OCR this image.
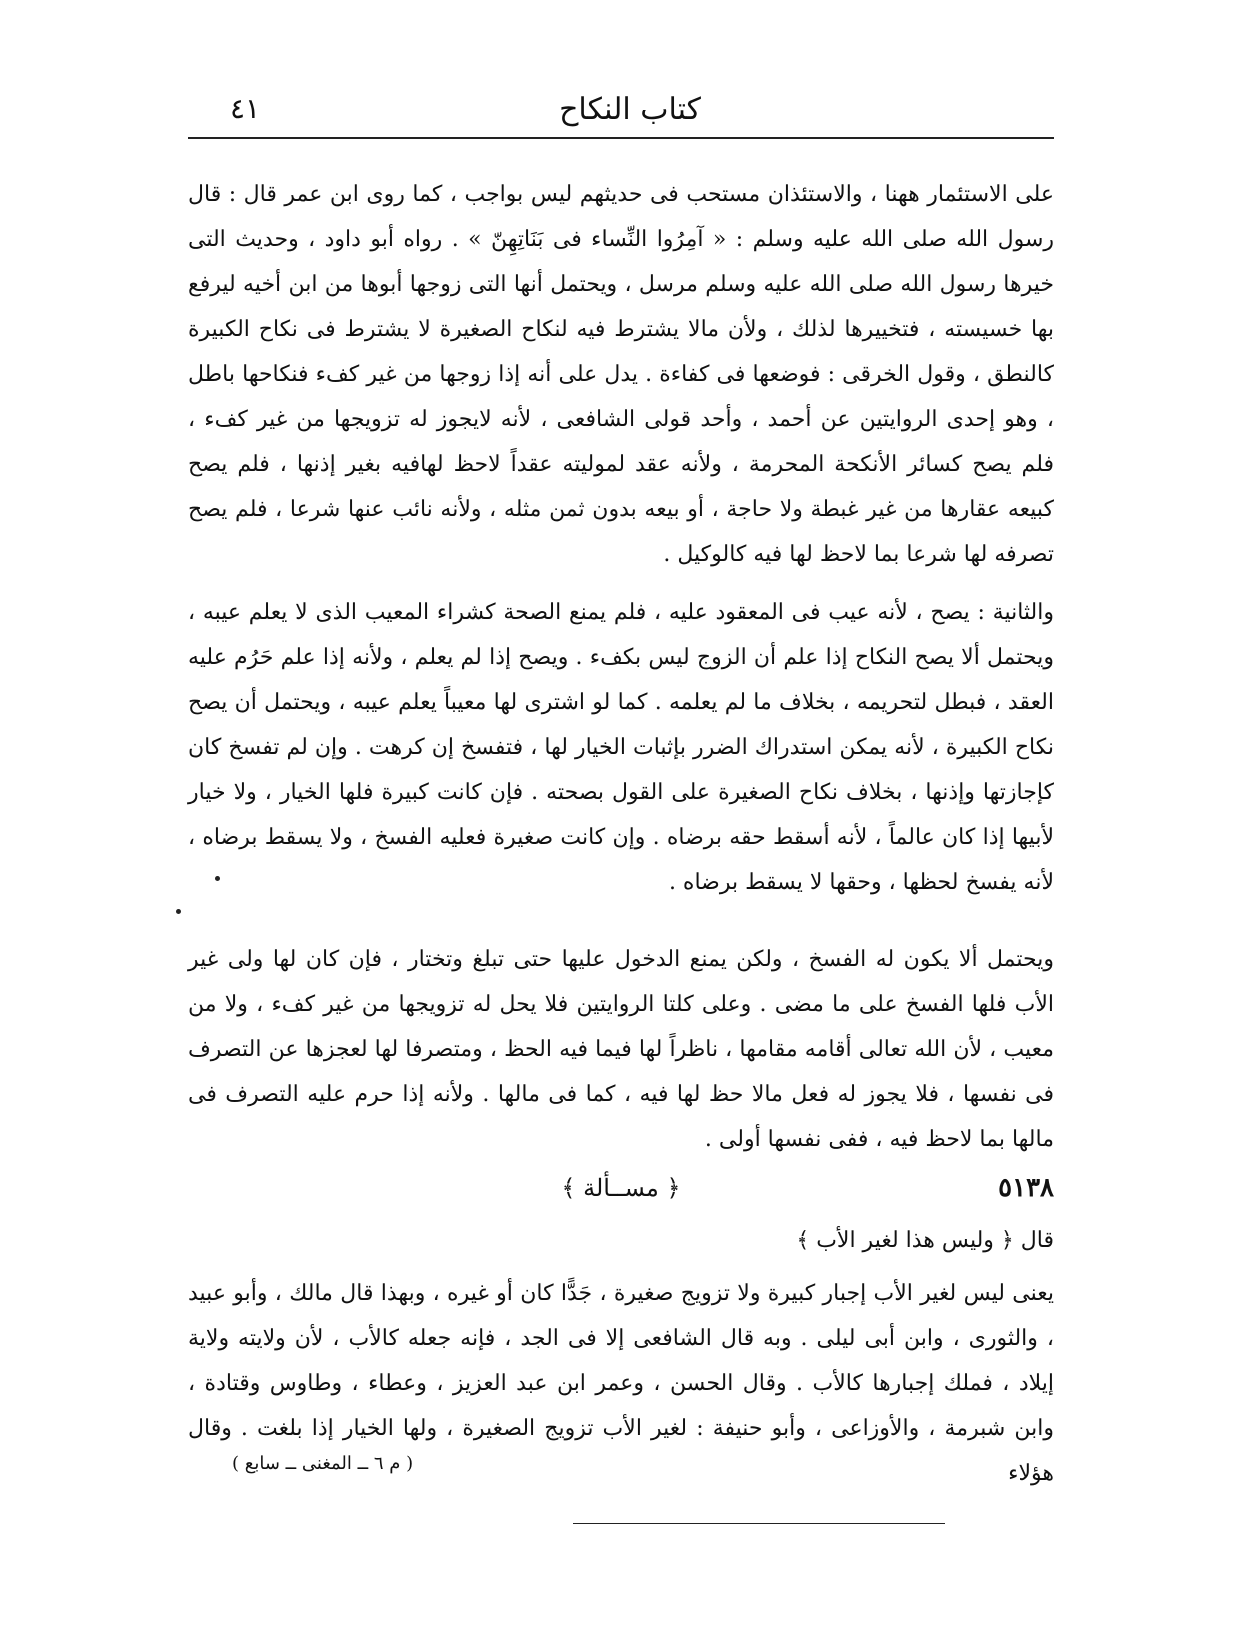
٤١	كتاب النكاح

على الاستئمار ههنا ، والاستئذان مستحب فى حديثهم ليس بواجب ، كما روى ابن عمر قال : قال رسول الله صلى الله عليه وسلم : « آمِرُوا النِّساء فى بَنَاتِهِنّ » . رواه أبو داود ، وحديث التى خيرها رسول الله صلى الله عليه وسلم مرسل ، ويحتمل أنها التى زوجها أبوها من ابن أخيه ليرفع بها خسيسته ، فتخييرها لذلك ، ولأن مالا يشترط فيه لنكاح الصغيرة لا يشترط فى نكاح الكبيرة كالنطق ، وقول الخرقى : فوضعها فى كفاءة . يدل على أنه إذا زوجها من غير كفء فنكاحها باطل ، وهو إحدى الروايتين عن أحمد ، وأحد قولى الشافعى ، لأنه لايجوز له تزويجها من غير كفء ، فلم يصح كسائر الأنكحة المحرمة ، ولأنه عقد لموليته عقداً لاحظ لهافيه بغير إذنها ، فلم يصح كبيعه عقارها من غير غبطة ولا حاجة ، أو بيعه بدون ثمن مثله ، ولأنه نائب عنها شرعا ، فلم يصح تصرفه لها شرعا بما لاحظ لها فيه كالوكيل .

والثانية : يصح ، لأنه عيب فى المعقود عليه ، فلم يمنع الصحة كشراء المعيب الذى لا يعلم عيبه ، ويحتمل ألا يصح النكاح إذا علم أن الزوج ليس بكفء . ويصح إذا لم يعلم ، ولأنه إذا علم حَرُم عليه العقد ، فبطل لتحريمه ، بخلاف ما لم يعلمه . كما لو اشترى لها معيباً يعلم عيبه ، ويحتمل أن يصح نكاح الكبيرة ، لأنه يمكن استدراك الضرر بإثبات الخيار لها ، فتفسخ إن كرهت . وإن لم تفسخ كان كإجازتها وإذنها ، بخلاف نكاح الصغيرة على القول بصحته . فإن كانت كبيرة فلها الخيار ، ولا خيار لأبيها إذا كان عالماً ، لأنه أسقط حقه برضاه . وإن كانت صغيرة فعليه الفسخ ، ولا يسقط برضاه ، لأنه يفسخ لحظها ، وحقها لا يسقط برضاه .

ويحتمل ألا يكون له الفسخ ، ولكن يمنع الدخول عليها حتى تبلغ وتختار ، فإن كان لها ولى غير الأب فلها الفسخ على ما مضى . وعلى كلتا الروايتين فلا يحل له تزويجها من غير كفء ، ولا من معيب ، لأن الله تعالى أقامه مقامها ، ناظراً لها فيما فيه الحظ ، ومتصرفا لها لعجزها عن التصرف فى نفسها ، فلا يجوز له فعل مالا حظ لها فيه ، كما فى مالها . ولأنه إذا حرم عليه التصرف فى مالها بما لاحظ فيه ، ففى نفسها أولى .

٥١٣٨
﴿ مســألة ﴾

قال ﴿ وليس هذا لغير الأب ﴾

يعنى ليس لغير الأب إجبار كبيرة ولا تزويج صغيرة ، جَدًّا كان أو غيره ، وبهذا قال مالك ، وأبو عبيد ، والثورى ، وابن أبى ليلى . وبه قال الشافعى إلا فى الجد ، فإنه جعله كالأب ، لأن ولايته ولاية إيلاد ، فملك إجبارها كالأب . وقال الحسن ، وعمر ابن عبد العزيز ، وعطاء ، وطاوس وقتادة ، وابن شبرمة ، والأوزاعى ، وأبو حنيفة : لغير الأب تزويج الصغيرة ، ولها الخيار إذا بلغت . وقال هؤلاء

( م ٦ ــ المغنى ــ سابع )
